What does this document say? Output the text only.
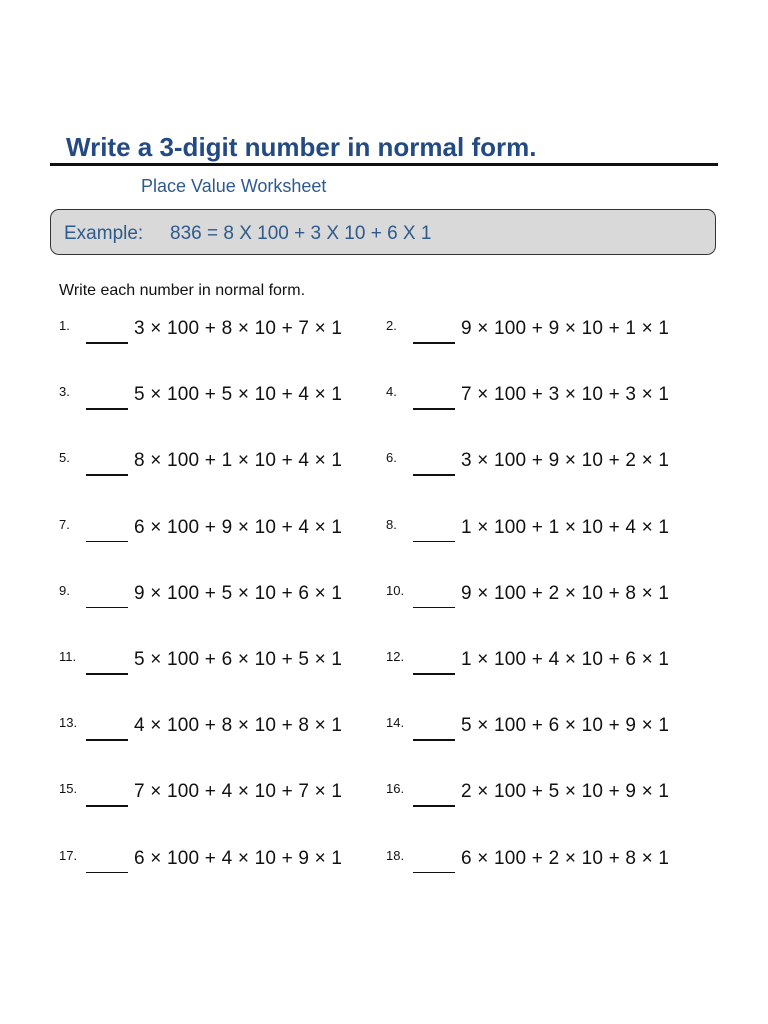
Write a 3-digit number in normal form.
Place Value Worksheet
Example: 836 = 8 X 100 + 3 X 10 + 6 X 1
Write each number in normal form.
1.	3 × 100 + 8 × 10 + 7 × 1	2.	9 × 100 + 9 × 10 + 1 × 1
3.	5 × 100 + 5 × 10 + 4 × 1	4.	7 × 100 + 3 × 10 + 3 × 1
5.	8 × 100 + 1 × 10 + 4 × 1	6.	3 × 100 + 9 × 10 + 2 × 1
7.	6 × 100 + 9 × 10 + 4 × 1	8.	1 × 100 + 1 × 10 + 4 × 1
9.	9 × 100 + 5 × 10 + 6 × 1	10.	9 × 100 + 2 × 10 + 8 × 1
11.	5 × 100 + 6 × 10 + 5 × 1	12.	1 × 100 + 4 × 10 + 6 × 1
13.	4 × 100 + 8 × 10 + 8 × 1	14.	5 × 100 + 6 × 10 + 9 × 1
15.	7 × 100 + 4 × 10 + 7 × 1	16.	2 × 100 + 5 × 10 + 9 × 1
17.	6 × 100 + 4 × 10 + 9 × 1	18.	6 × 100 + 2 × 10 + 8 × 1
